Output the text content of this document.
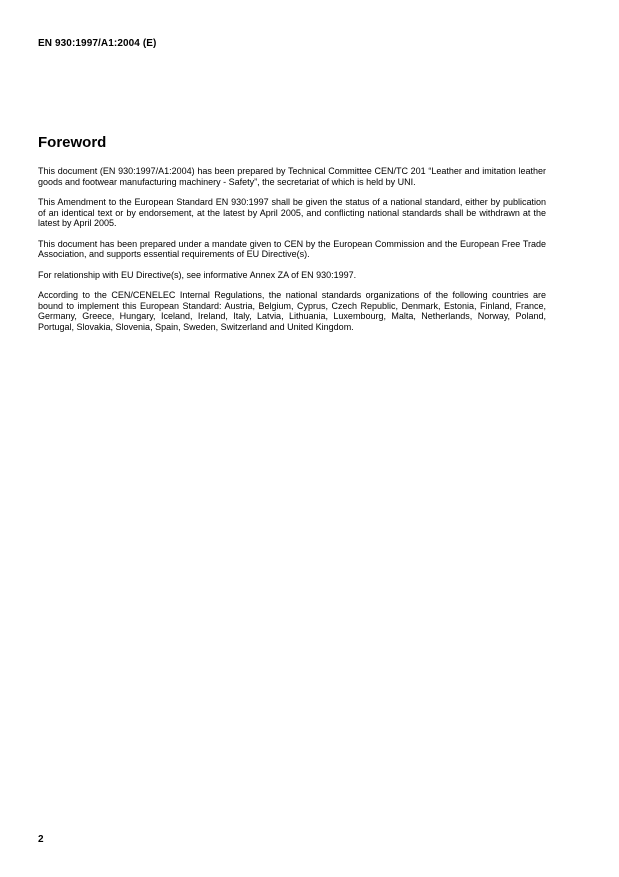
EN 930:1997/A1:2004 (E)
Foreword

This document (EN 930:1997/A1:2004) has been prepared by Technical Committee CEN/TC 201 “Leather and imitation leather goods and footwear manufacturing machinery - Safety”, the secretariat of which is held by UNI.

This Amendment to the European Standard EN 930:1997 shall be given the status of a national standard, either by publication of an identical text or by endorsement, at the latest by April 2005, and conflicting national standards shall be withdrawn at the latest by April 2005.

This document has been prepared under a mandate given to CEN by the European Commission and the European Free Trade Association, and supports essential requirements of EU Directive(s).

For relationship with EU Directive(s), see informative Annex ZA of EN 930:1997.

According to the CEN/CENELEC Internal Regulations, the national standards organizations of the following countries are bound to implement this European Standard: Austria, Belgium, Cyprus, Czech Republic, Denmark, Estonia, Finland, France, Germany, Greece, Hungary, Iceland, Ireland, Italy, Latvia, Lithuania, Luxembourg, Malta, Netherlands, Norway, Poland, Portugal, Slovakia, Slovenia, Spain, Sweden, Switzerland and United Kingdom.

2
